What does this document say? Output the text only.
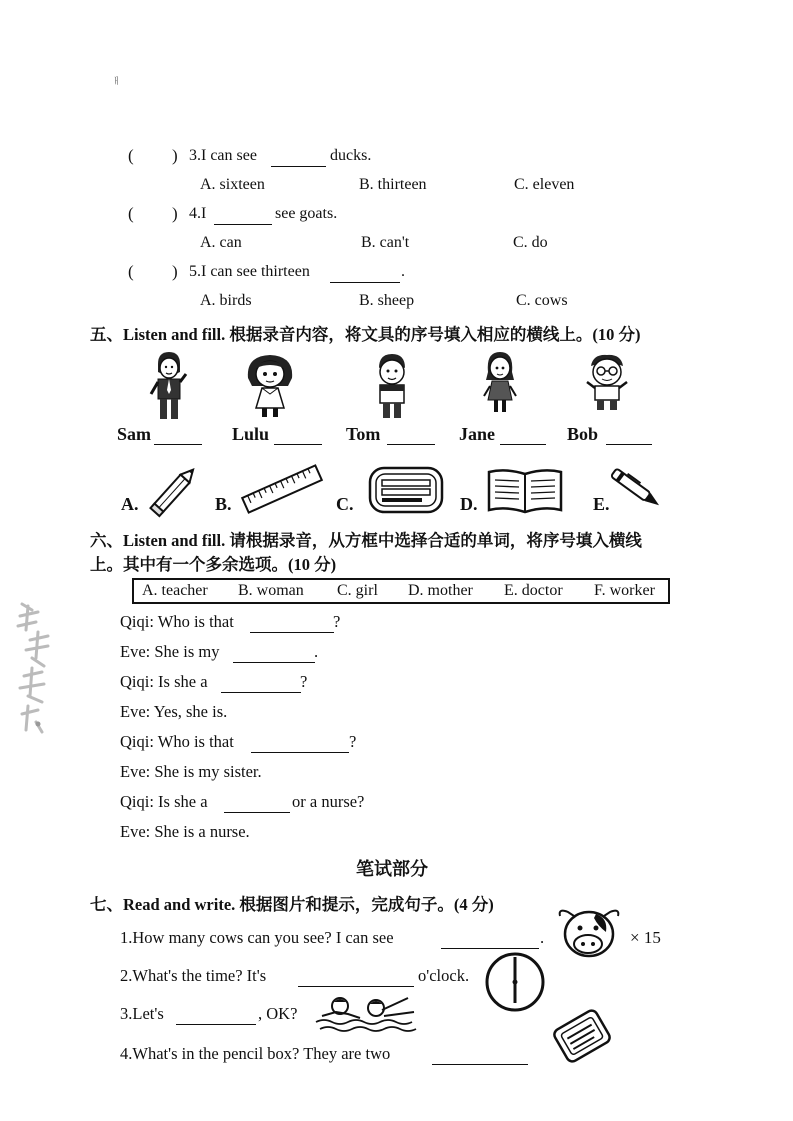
ㅐ
( ) 3.I can see	ducks.
A. sixteen	B. thirteen	C. eleven
( ) 4.I	see goats.
A. can	B. can't	C. do
( ) 5.I can see thirteen	.
A. birds	B. sheep	C. cows
五、Listen and fill. 根据录音内容，将文具的序号填入相应的横线上。(10 分)
Sam	Lulu	Tom	Jane	Bob
A.	B.	C.	D.	E.
六、Listen and fill. 请根据录音，从方框中选择合适的单词，将序号填入横线
上。其中有一个多余选项。(10 分)
A. teacher B. woman C. girl D. mother E. doctor F. worker
Qiqi: Who is that	?
Eve: She is my	.
Qiqi: Is she a	?
Eve: Yes, she is.
Qiqi: Who is that	?
Eve: She is my sister.
Qiqi: Is she a	or a nurse?
Eve: She is a nurse.
笔试部分
七、Read and write. 根据图片和提示，完成句子。(4 分)
1.How many cows can you see? I can see	.	× 15
2.What's the time? It's	o'clock.
3.Let's	, OK?
4.What's in the pencil box? They are two
